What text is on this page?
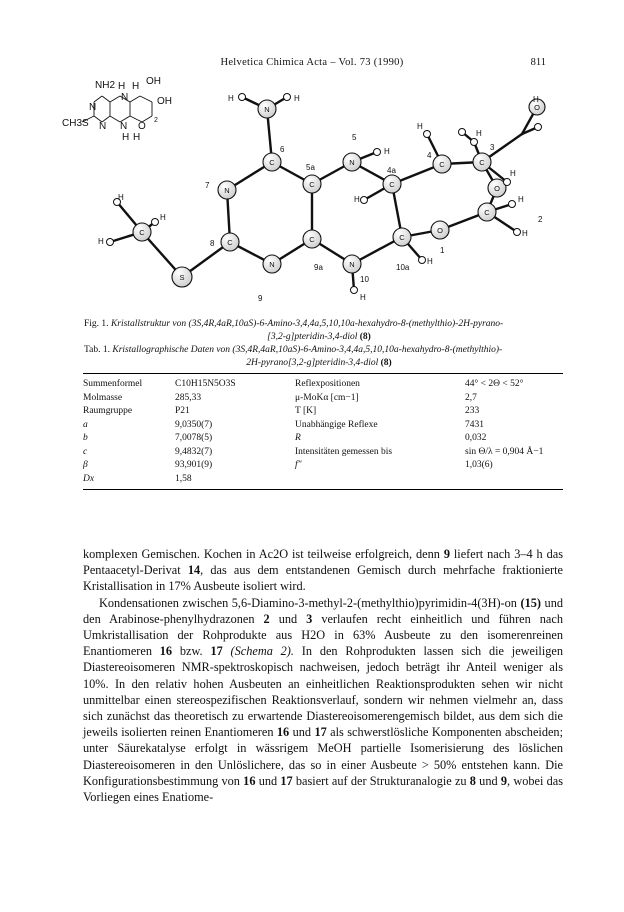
Helvetica Chimica Acta – Vol. 73 (1990)	811
NH2 H H OH
N	OH
N
CH3S N N
H H
O
2
N
C
N
C
N
C
C	C
O
C
O
C
N
C
N
C
S
C
O
H	H
H
H
H
H
H
H
H
H
H
H
H
H
H
5
6
5a	4a
4
3
7
8
2
1
9a	10a
10
9
Fig. 1. Kristallstruktur von (3S,4R,4aR,10aS)-6-Amino-3,4,4a,5,10,10a-hexahydro-8-(methylthio)-2H-pyrano-
[3,2-g]pteridin-3,4-diol (8)
Tab. 1. Kristallographische Daten von (3S,4R,4aR,10aS)-6-Amino-3,4,4a,5,10,10a-hexahydro-8-(methylthio)-
2H-pyrano[3,2-g]pteridin-3,4-diol (8)
Summenformel	C10H15N5O3S	Reflexpositionen	44° < 2Θ < 52°
Molmasse	285,33	μ-MoKα [cm−1]	2,7
Raumgruppe	P21	T [K]	233
a	9,0350(7)	Unabhängige Reflexe	7431
b	7,0078(5)	R	0,032
c	9,4832(7)	Intensitäten gemessen bis	sin Θ/λ = 0,904 Å−1
β	93,901(9)	f″	1,03(6)
Dx	1,58		

komplexen Gemischen. Kochen in Ac2O ist teilweise erfolgreich, denn 9 liefert nach 3–4 h das Pentaacetyl-Derivat 14, das aus dem entstandenen Gemisch durch mehrfache fraktionierte Kristallisation in 17% Ausbeute isoliert wird.

Kondensationen zwischen 5,6-Diamino-3-methyl-2-(methylthio)pyrimidin-4(3H)-on (15) und den Arabinose-phenylhydrazonen 2 und 3 verlaufen recht einheitlich und führen nach Umkristallisation der Rohprodukte aus H2O in 63% Ausbeute zu den isomerenreinen Enantiomeren 16 bzw. 17 (Schema 2). In den Rohprodukten lassen sich die jeweiligen Diastereoisomeren NMR-spektroskopisch nachweisen, jedoch beträgt ihr Anteil weniger als 10%. In den relativ hohen Ausbeuten an einheitlichen Reaktionsprodukten sehen wir nicht unmittelbar einen stereospezifischen Reaktionsverlauf, sondern wir nehmen vielmehr an, dass sich zunächst das theoretisch zu erwartende Diastereoisomerengemisch bildet, aus dem sich die jeweils isolierten reinen Enantiomeren 16 und 17 als schwerstlösliche Komponenten abscheiden; unter Säurekatalyse erfolgt in wässrigem MeOH partielle Isomerisierung des löslichen Diastereoisomeren in den Unlöslichere, das so in einer Ausbeute > 50% entstehen kann. Die Konfigurationsbestimmung von 16 und 17 basiert auf der Strukturanalogie zu 8 und 9, wobei das Vorliegen eines Enatiome-
